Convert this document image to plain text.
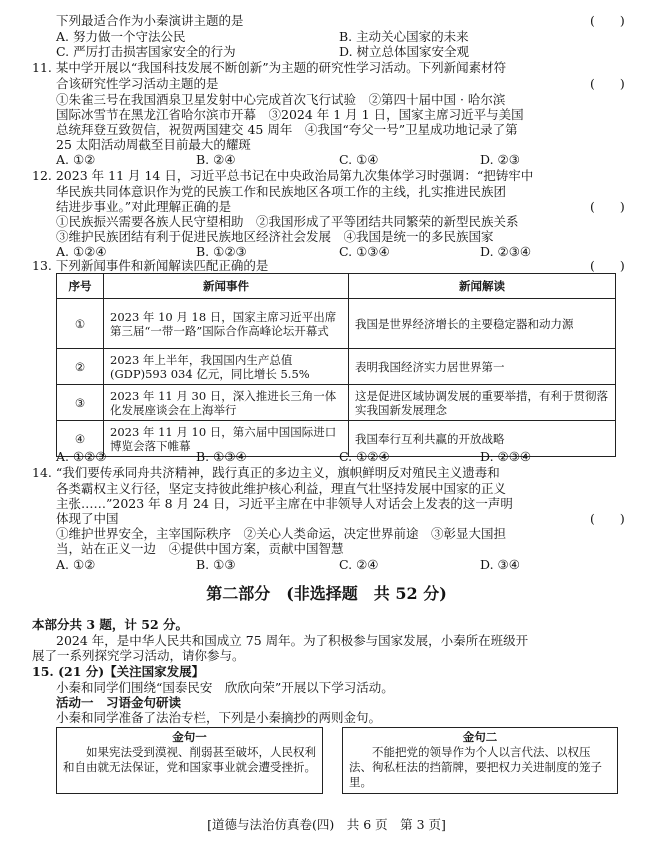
下列最适合作为小秦演讲主题的是	(　　)
A. 努力做一个守法公民	B. 主动关心国家的未来
C. 严厉打击损害国家安全的行为	D. 树立总体国家安全观
11. 某中学开展以“我国科技发展不断创新”为主题的研究性学习活动。下列新闻素材符
合该研究性学习活动主题的是	(　　)
①朱雀三号在我国酒泉卫星发射中心完成首次飞行试验　②第四十届中国 · 哈尔滨
国际冰雪节在黑龙江省哈尔滨市开幕　③2024 年 1 月 1 日，国家主席习近平与美国
总统拜登互致贺信，祝贺两国建交 45 周年　④我国“夸父一号”卫星成功地记录了第
25 太阳活动周截至目前最大的耀斑
A. ①②	B. ②④	C. ①④	D. ②③
12. 2023 年 11 月 14 日，习近平总书记在中央政治局第九次集体学习时强调：“把铸牢中
华民族共同体意识作为党的民族工作和民族地区各项工作的主线，扎实推进民族团
结进步事业。”对此理解正确的是	(　　)
①民族振兴需要各族人民守望相助　②我国形成了平等团结共同繁荣的新型民族关系
③维护民族团结有利于促进民族地区经济社会发展　④我国是统一的多民族国家
A. ①②④	B. ①②③	C. ①③④	D. ②③④
13. 下列新闻事件和新闻解读匹配正确的是	(　　)
序号	新闻事件	新闻解读
①	2023 年 10 月 18 日，国家主席习近平出席第三届“一带一路”国际合作高峰论坛开幕式	我国是世界经济增长的主要稳定器和动力源
②	2023 年上半年，我国国内生产总值(GDP)593 034 亿元，同比增长 5.5%	表明我国经济实力居世界第一
③	2023 年 11 月 30 日，深入推进长三角一体化发展座谈会在上海举行	这是促进区域协调发展的重要举措，有利于贯彻落实我国新发展理念
④	2023 年 11 月 10 日，第六届中国国际进口博览会落下帷幕	我国奉行互利共赢的开放战略
A. ①②③	B. ①③④	C. ①②④	D. ②③④
14. “我们要传承同舟共济精神，践行真正的多边主义，旗帜鲜明反对殖民主义遗毒和
各类霸权主义行径，坚定支持彼此维护核心利益，理直气壮坚持发展中国家的正义
主张……”2023 年 8 月 24 日，习近平主席在中非领导人对话会上发表的这一声明
体现了中国	(　　)
①维护世界安全，主宰国际秩序　②关心人类命运，决定世界前途　③彰显大国担
当，站在正义一边　④提供中国方案，贡献中国智慧
A. ①②	B. ①③	C. ②④	D. ③④
第二部分　(非选择题　共 52 分)
本部分共 3 题，计 52 分。
2024 年，是中华人民共和国成立 75 周年。为了积极参与国家发展，小秦所在班级开
展了一系列探究学习活动，请你参与。
15. (21 分)【关注国家发展】
小秦和同学们围绕“国泰民安　欣欣向荣”开展以下学习活动。
活动一　习语金句研读
小秦和同学准备了法治专栏，下列是小秦摘抄的两则金句。
金句一
如果宪法受到漠视、削弱甚至破坏，人民权利和自由就无法保证，党和国家事业就会遭受挫折。
金句二
不能把党的领导作为个人以言代法、以权压法、徇私枉法的挡箭牌，要把权力关进制度的笼子里。
[道德与法治仿真卷(四)　共 6 页　第 3 页]
